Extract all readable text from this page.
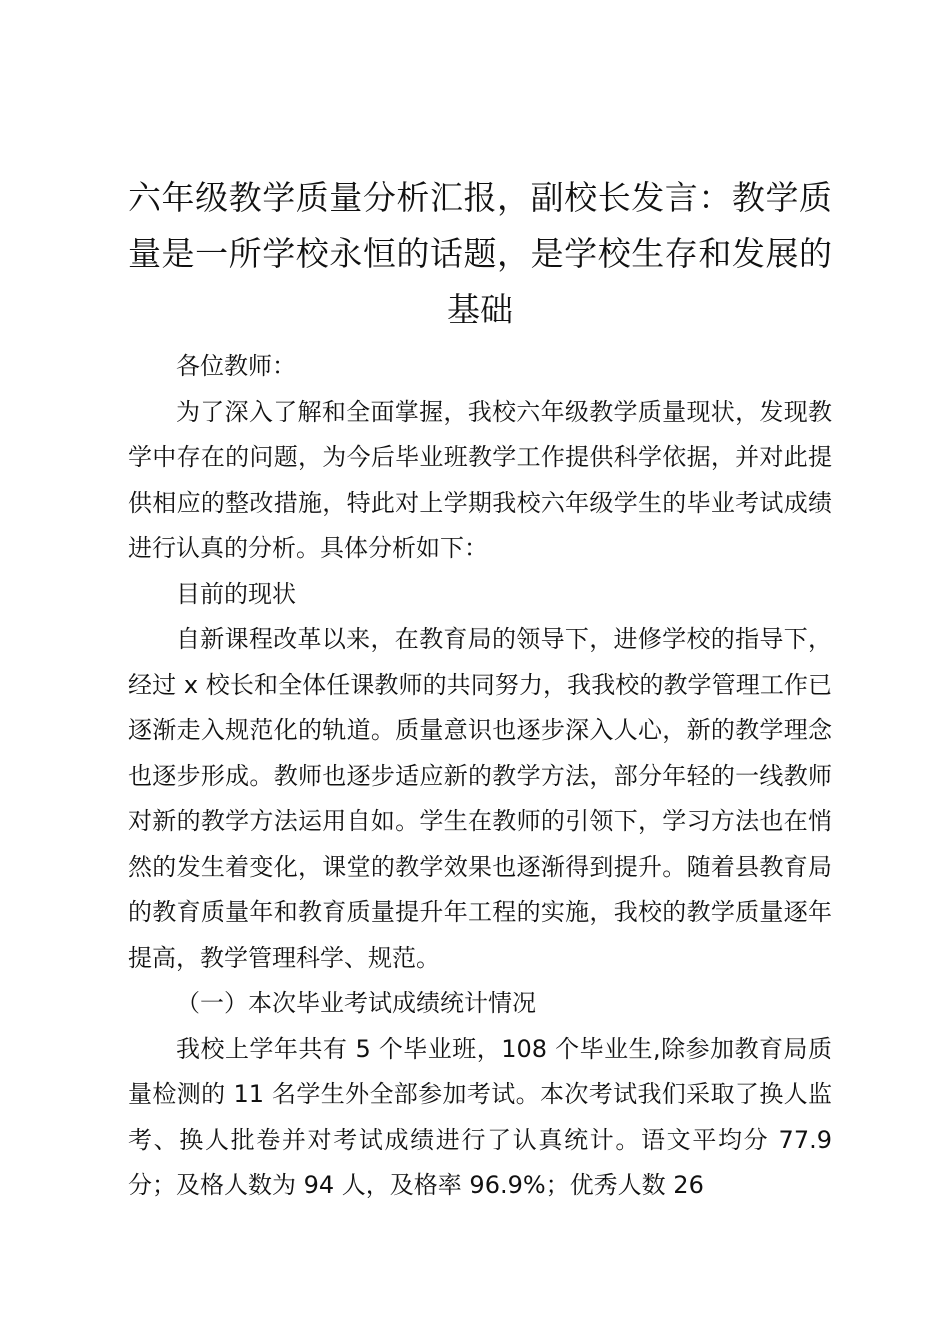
六年级教学质量分析汇报，副校长发言：教学质量是一所学校永恒的话题，是学校生存和发展的基础

各位教师：

为了深入了解和全面掌握，我校六年级教学质量现状，发现教学中存在的问题，为今后毕业班教学工作提供科学依据，并对此提供相应的整改措施，特此对上学期我校六年级学生的毕业考试成绩进行认真的分析。具体分析如下：

目前的现状

自新课程改革以来，在教育局的领导下，进修学校的指导下，经过 x 校长和全体任课教师的共同努力，我我校的教学管理工作已逐渐走入规范化的轨道。质量意识也逐步深入人心，新的教学理念也逐步形成。教师也逐步适应新的教学方法，部分年轻的一线教师对新的教学方法运用自如。学生在教师的引领下，学习方法也在悄然的发生着变化，课堂的教学效果也逐渐得到提升。随着县教育局的教育质量年和教育质量提升年工程的实施，我校的教学质量逐年提高，教学管理科学、规范。

（一）本次毕业考试成绩统计情况

我校上学年共有 5 个毕业班，108 个毕业生,除参加教育局质量检测的 11 名学生外全部参加考试。本次考试我们采取了换人监考、换人批卷并对考试成绩进行了认真统计。语文平均分 77.9 分；及格人数为 94 人，及格率 96.9%；优秀人数 26
